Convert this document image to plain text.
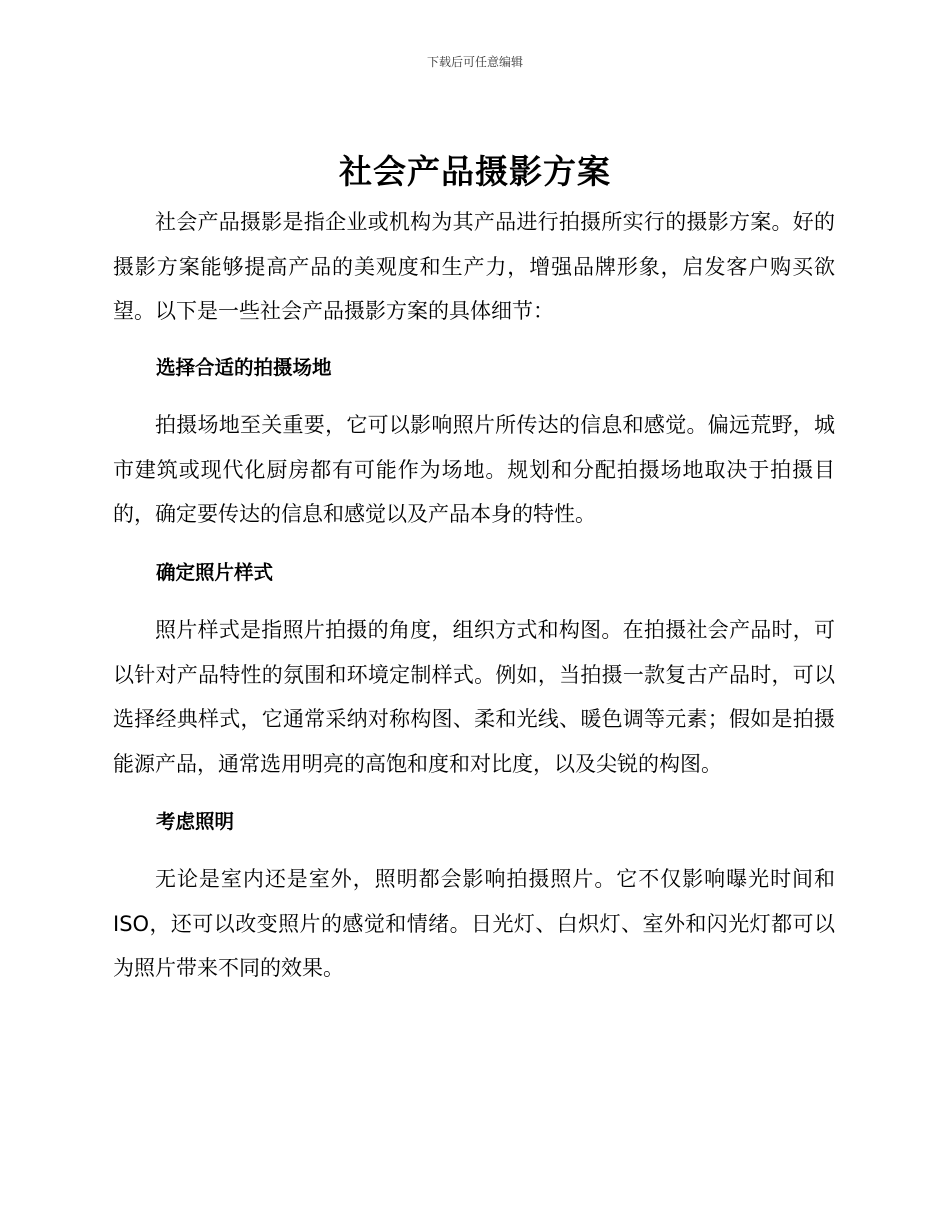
下载后可任意编辑
社会产品摄影方案

社会产品摄影是指企业或机构为其产品进行拍摄所实行的摄影方案。好的摄影方案能够提高产品的美观度和生产力，增强品牌形象，启发客户购买欲望。以下是一些社会产品摄影方案的具体细节：

选择合适的拍摄场地

拍摄场地至关重要，它可以影响照片所传达的信息和感觉。偏远荒野，城市建筑或现代化厨房都有可能作为场地。规划和分配拍摄场地取决于拍摄目的，确定要传达的信息和感觉以及产品本身的特性。

确定照片样式

照片样式是指照片拍摄的角度，组织方式和构图。在拍摄社会产品时，可以针对产品特性的氛围和环境定制样式。例如，当拍摄一款复古产品时，可以选择经典样式，它通常采纳对称构图、柔和光线、暖色调等元素；假如是拍摄能源产品，通常选用明亮的高饱和度和对比度，以及尖锐的构图。

考虑照明

无论是室内还是室外，照明都会影响拍摄照片。它不仅影响曝光时间和ISO，还可以改变照片的感觉和情绪。日光灯、白炽灯、室外和闪光灯都可以为照片带来不同的效果。
